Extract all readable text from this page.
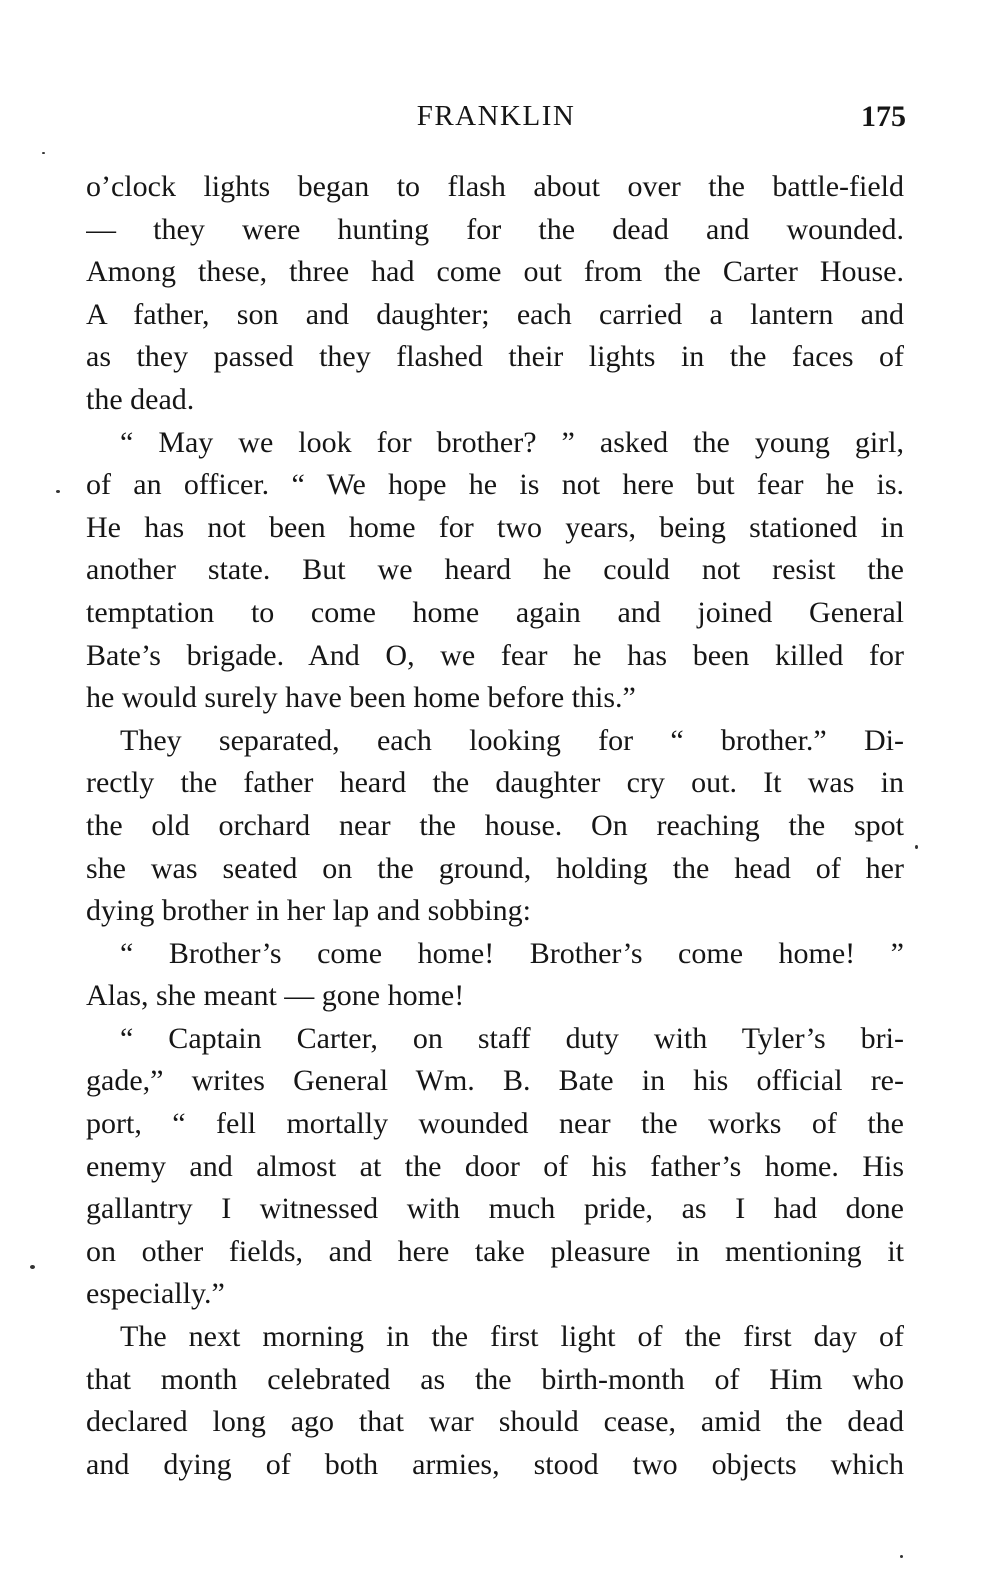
FRANKLIN	175
o’clock lights began to flash about over the battle-field
— they were hunting for the dead and wounded.
Among these, three had come out from the Carter House.
A father, son and daughter; each carried a lantern and
as they passed they flashed their lights in the faces of
the dead.
“ May we look for brother? ” asked the young girl,
of an officer. “ We hope he is not here but fear he is.
He has not been home for two years, being stationed in
another state. But we heard he could not resist the
temptation to come home again and joined General
Bate’s brigade. And O, we fear he has been killed for
he would surely have been home before this.”
They separated, each looking for “ brother.” Di-
rectly the father heard the daughter cry out. It was in
the old orchard near the house. On reaching the spot
she was seated on the ground, holding the head of her
dying brother in her lap and sobbing:
“ Brother’s come home! Brother’s come home! ”
Alas, she meant — gone home!
“ Captain Carter, on staff duty with Tyler’s bri-
gade,” writes General Wm. B. Bate in his official re-
port, “ fell mortally wounded near the works of the
enemy and almost at the door of his father’s home. His
gallantry I witnessed with much pride, as I had done
on other fields, and here take pleasure in mentioning it
especially.”
The next morning in the first light of the first day of
that month celebrated as the birth-month of Him who
declared long ago that war should cease, amid the dead
and dying of both armies, stood two objects which
